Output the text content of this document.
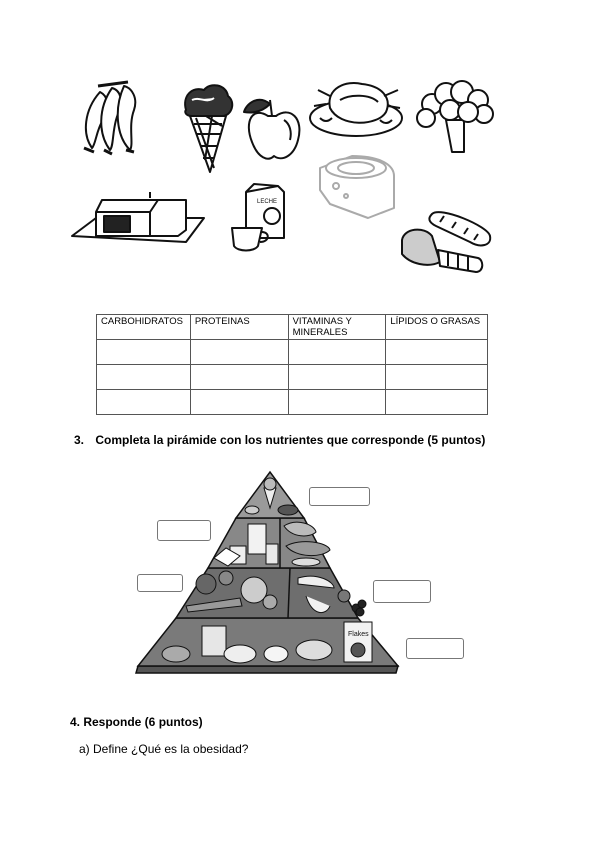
LECHE
CARBOHIDRATOS	PROTEINAS	VITAMINAS Y MINERALES	LÍPIDOS O GRASAS

3. Completa la pirámide con los nutrientes que corresponde (5 puntos)
Flakes
4. Responde (6 puntos)
a) Define ¿Qué es la obesidad?
